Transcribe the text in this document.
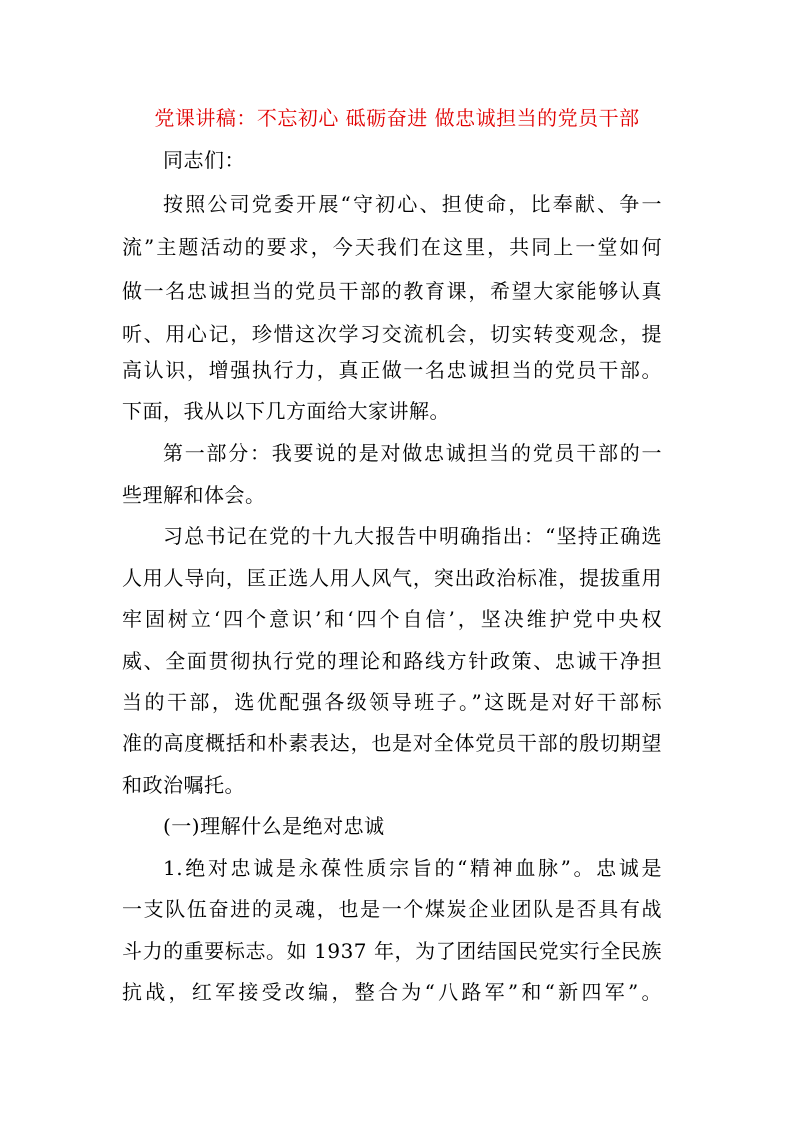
党课讲稿：不忘初心 砥砺奋进 做忠诚担当的党员干部
同志们：
按照公司党委开展“守初心、担使命，比奉献、争一
流”主题活动的要求，今天我们在这里，共同上一堂如何
做一名忠诚担当的党员干部的教育课，希望大家能够认真
听、用心记，珍惜这次学习交流机会，切实转变观念，提
高认识，增强执行力，真正做一名忠诚担当的党员干部。
下面，我从以下几方面给大家讲解。
第一部分：我要说的是对做忠诚担当的党员干部的一
些理解和体会。
习总书记在党的十九大报告中明确指出：“坚持正确选
人用人导向，匡正选人用人风气，突出政治标准，提拔重用
牢固树立‘四个意识’和‘四个自信’，坚决维护党中央权
威、全面贯彻执行党的理论和路线方针政策、忠诚干净担
当的干部，选优配强各级领导班子。”这既是对好干部标
准的高度概括和朴素表达，也是对全体党员干部的殷切期望
和政治嘱托。
(一)理解什么是绝对忠诚
1.绝对忠诚是永葆性质宗旨的“精神血脉”。忠诚是
一支队伍奋进的灵魂，也是一个煤炭企业团队是否具有战
斗力的重要标志。如 1937 年，为了团结国民党实行全民族
抗战，红军接受改编，整合为“八路军”和“新四军”。
